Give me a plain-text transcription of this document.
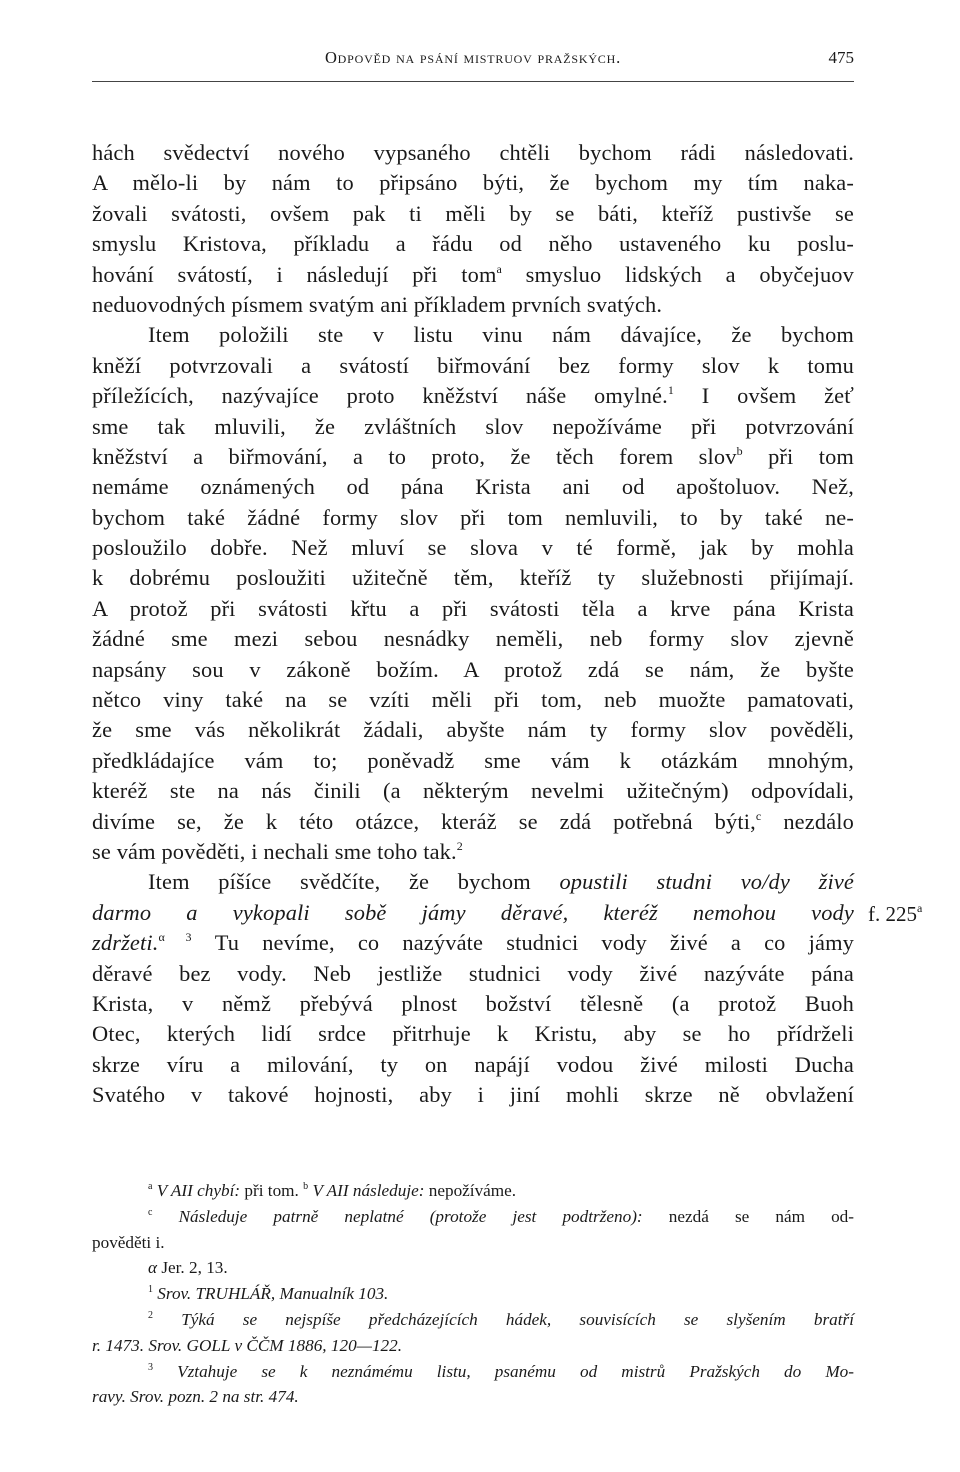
Odpověd na psání mistruov pražských.	475
hách svědectví nového vypsaného chtěli bychom rádi následovati.
A mělo-li by nám to připsáno býti, že bychom my tím naka-
žovali svátosti, ovšem pak ti měli by se báti, kteříž pustivše se
smyslu Kristova, příkladu a řádu od něho ustaveného ku poslu-
hování svátostí, i následují při tom$^a$ smysluo lidských a obyčejuov
neduovodných písmem svatým ani příkladem prvních svatých.
Item položili ste v listu vinu nám dávajíce, že bychom
kněží potvrzovali a svátostí biřmování bez formy slov k tomu
příležících, nazývajíce proto kněžství náše omylné.$^1$ I ovšem žeť
sme tak mluvili, že zvláštních slov nepožíváme při potvrzování
kněžství a biřmování, a to proto, že těch forem slov$^b$ při tom
nemáme oznámených od pána Krista ani od apoštoluov. Než,
bychom také žádné formy slov při tom nemluvili, to by také ne-
posloužilo dobře. Než mluví se slova v té formě, jak by mohla
k dobrému posloužiti užitečně těm, kteříž ty služebnosti přijímají.
A protož při svátosti křtu a při svátosti těla a krve pána Krista
žádné sme mezi sebou nesnádky neměli, neb formy slov zjevně
napsány sou v zákoně božím. A protož zdá se nám, že byšte
nětco viny také na se vzíti měli při tom, neb muožte pamatovati,
že sme vás několikrát žádali, abyšte nám ty formy slov pověděli,
předkládajíce vám to; poněvadž sme vám k otázkám mnohým,
kteréž ste na nás činili (a některým nevelmi užitečným) odpovídali,
divíme se, že k této otázce, kteráž se zdá potřebná býti,$^c$ nezdálo
se vám pověděti, i nechali sme toho tak.$^2$
Item píšíce svědčíte, že bychom opustili studni vo/dy živé
darmo a vykopali sobě jámy děravé, kteréž nemohou vody
zdržeti.$^{\alpha 3}$ Tu nevíme, co nazýváte studnici vody živé a co jámy
děravé bez vody. Neb jestliže studnici vody živé nazýváte pána
Krista, v němž přebývá plnost božství tělesně (a protož Buoh
Otec, kterých lidí srdce přitrhuje k Kristu, aby se ho přídrželi
skrze víru a milování, ty on napájí vodou živé milosti Ducha
Svatého v takové hojnosti, aby i jiní mohli skrze ně obvlažení
f. 225$^a$
$^a$ V AII chybí: při tom. $^b$ V AII následuje: nepožíváme.
$^c$ Následuje patrně neplatné (protože jest podtrženo): nezdá se nám od-
pověděti i.
α Jer. 2, 13.
$^1$ Srov. TRUHLÁŘ, Manualník 103.
$^2$ Týká se nejspíše předcházejících hádek, souvisících se slyšením bratří
r. 1473. Srov. GOLL v ČČM 1886, 120—122.
$^3$ Vztahuje se k neznámému listu, psanému od mistrů Pražských do Mo-
ravy. Srov. pozn. 2 na str. 474.
